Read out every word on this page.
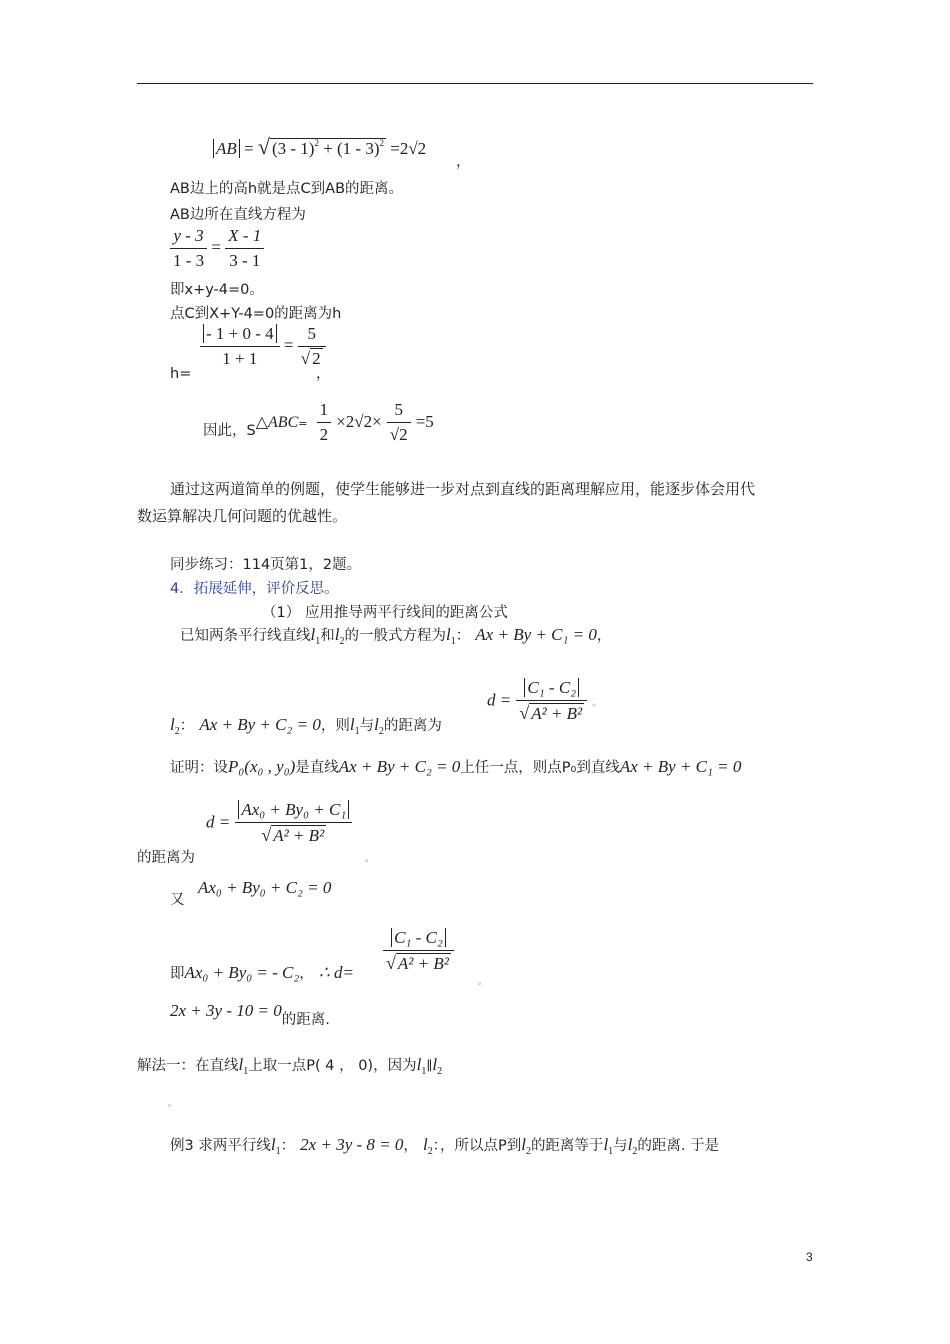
AB = √ (3 - 1)$^2$ + (1 - 3)$^2$ =2√2
，
AB边上的高h就是点C到AB的距离。
AB边所在直线方程为
$\frac{y - 3}{1 - 3} = \frac{X - 1}{3 - 1}$
即x+y-4=0。
点C到X+Y-4=0的距离为h
h=
$\frac{- 1 + 0 - 4}{1 + 1} = \frac{5}{√ 2}$
，
因此，S△ABC= $\frac{1}{2} \times 2√2\times \frac{5}{√2} =5$
通过这两道简单的例题，使学生能够进一步对点到直线的距离理解应用，能逐步体会用代
数运算解决几何问题的优越性。
同步练习：114页第1，2题。
4．拓展延伸，评价反思。
（1） 应用推导两平行线间的距离公式
已知两条平行线直线$l_1$和$l_2$的一般式方程为$l_1$： Ax + By + C₁ = 0，
$l_2$： Ax + By + C₂ = 0，则$l_1$与$l_2$的距离为
$d = \frac{\text{C₁ - C₂}}{\text{√ A² + B²}}$ 。
证明：设P₀(x₀ , y₀)是直线Ax + By + C₂ = 0上任一点，则点P₀到直线Ax + By + C₁ = 0
$d = \frac{\text{Ax₀ + By₀ + C₁}}{\text{√ A² + B²}}$
的距离为	。
又
Ax₀ + By₀ + C₂ = 0
即Ax₀ + By₀ = - C₂， ∴ $d= \frac{\text{C₁ - C₂}}{\text{√ A² + B²}}$
。
2x + 3y - 10 = 0的距离.
解法一：在直线$l_1$上取一点P( 4 ， 0)，因为$l_1\parallel l_2$
。
例3 求两平行线$l_1$： 2x + 3y - 8 = 0， $l_2$：，所以点P到$l_2$的距离等于$l_1$与$l_2$的距离. 于是
3
